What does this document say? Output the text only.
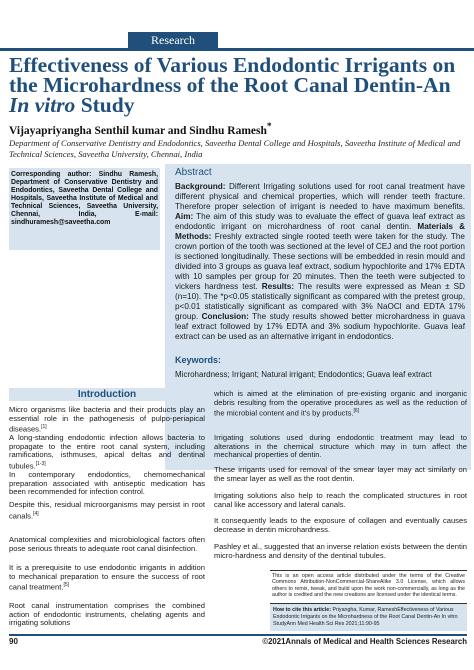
Research
Effectiveness of Various Endodontic Irrigants on the Microhardness of the Root Canal Dentin-An In vitro Study
Vijayapriyangha Senthil kumar and Sindhu Ramesh*
Department of Conservative Dentistry and Endodontics, Saveetha Dental College and Hospitals, Saveetha Institute of Medical and Technical Sciences, Saveetha University, Chennai, India
Corresponding author: Sindhu Ramesh, Department of Conservative Dentistry and Endodontics, Saveetha Dental College and Hospitals, Saveetha Institute of Medical and Technical Sciences, Saveetha University, Chennai, India, E-mail: sindhuramesh@saveetha.com
Abstract
Background: Different Irrigating solutions used for root canal treatment have different physical and chemical properties, which will render teeth fracture. Therefore proper selection of irrigant is needed to have maximum benefits. Aim: The aim of this study was to evaluate the effect of guava leaf extract as endodontic irrigant on microhardness of root canal dentin. Materials & Methods: Freshly extracted single rooted teeth were taken for the study. The crown portion of the tooth was sectioned at the level of CEJ and the root portion is sectioned longitudinally. These sections will be embedded in resin mould and divided into 3 groups as guava leaf extract, sodium hypochlorite and 17% EDTA with 10 samples per group for 20 minutes. Then the teeth were subjected to vickers hardness test. Results: The results were expressed as Mean ± SD (n=10). The *p<0.05 statistically significant as compared with the pretest group, p<0.01 statistically significant as compared with 3% NaOCl and EDTA 17% group. Conclusion: The study results showed better microhardness in guava leaf extract followed by 17% EDTA and 3% sodium hypochlorite. Guava leaf extract can be used as an alternative irrigant in endodontics.
Keywords:
Microhardness; Irrigant; Natural irrigant; Endodontics; Guava leaf extract
Introduction
Micro organisms like bacteria and their products play an essential role in the pathogenesis of pulpo-periapical diseases.[1]
A long-standing endodontic infection allows bacteria to propagate to the entire root canal system, including ramifications, isthmuses, apical deltas and dentinal tubules.[1-3]
In contemporary endodontics, chemomechanical preparation associated with antiseptic medication has been recommended for infection control.
Despite this, residual microorganisms may persist in root canals.[4]
Anatomical complexities and microbiological factors often pose serious threats to adequate root canal disinfection.
It is a prerequisite to use endodontic irrigants in addition to mechanical preparation to ensure the success of root canal treatment.[5]
Root canal instrumentation comprises the combined action of endodontic instruments, chelating agents and irrigating solutions
which is aimed at the elimination of pre-existing organic and inorganic debris resulting from the operative procedures as well as the reduction of the microbial content and it's by products.[6]
Irrigating solutions used during endodontic treatment may lead to alterations in the chemical structure which may in turn affect the mechanical properties of dentin.
These irrigants used for removal of the smear layer may act similarly on the smear layer as well as the root dentin.
Irrigating solutions also help to reach the complicated structures in root canal like accessory and lateral canals.
It consequently leads to the exposure of collagen and eventually causes decrease in dentin microhardness.
Pashley et al., suggested that an inverse relation exists between the dentin micro-hardness and density of the dentinal tubules.
This is an open access article distributed under the terms of the Creative Commons Attribution-NonCommercial-ShareAlike 3.0 License, which allows others to remix, tweak, and build upon the work non-commercially, as long as the author is credited and the new creations are licensed under the identical terms.
How to cite this article: Priyangha, Kumar, RameshEffectiveness of Various Endodontic Irrigants on the Microhardness of the Root Canal Dentin-An In vitro StudyAnn Med Health Sci Res 2021;11:90-95
90	©2021Annals of Medical and Health Sciences Research
